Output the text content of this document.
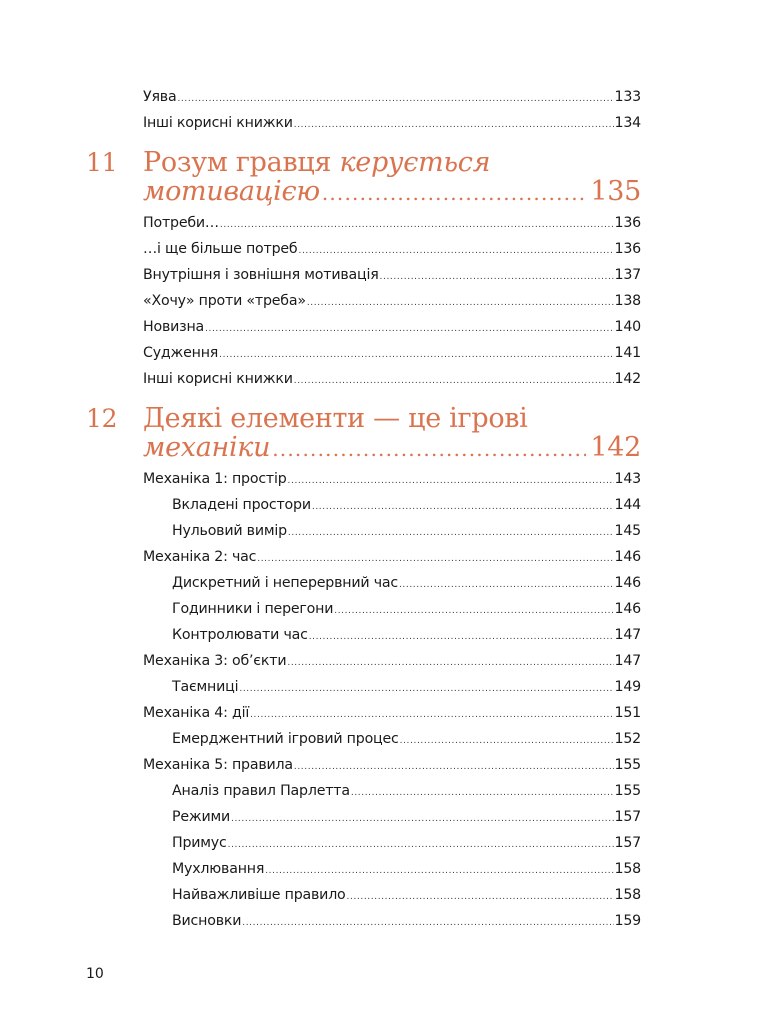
Уява .....	133
Інші корисні книжки .....	134
11 Розум гравця керується
мотивацією .....	135
Потреби… .....	136
…і ще більше потреб .....	136
Внутрішня і зовнішня мотивація .....	137
«Хочу» проти «треба» .....	138
Новизна .....	140
Судження .....	141
Інші корисні книжки .....	142
12 Деякі елементи — це ігрові
механіки .....	142
Механіка 1: простір .....	143
Вкладені простори .....	144
Нульовий вимір .....	145
Механіка 2: час .....	146
Дискретний і неперервний час .....	146
Годинники і перегони .....	146
Контролювати час .....	147
Механіка 3: об’єкти .....	147
Таємниці .....	149
Механіка 4: дії .....	151
Емерджентний ігровий процес .....	152
Механіка 5: правила .....	155
Аналіз правил Парлетта .....	155
Режими .....	157
Примус .....	157
Мухлювання .....	158
Найважливіше правило .....	158
Висновки .....	159
10
